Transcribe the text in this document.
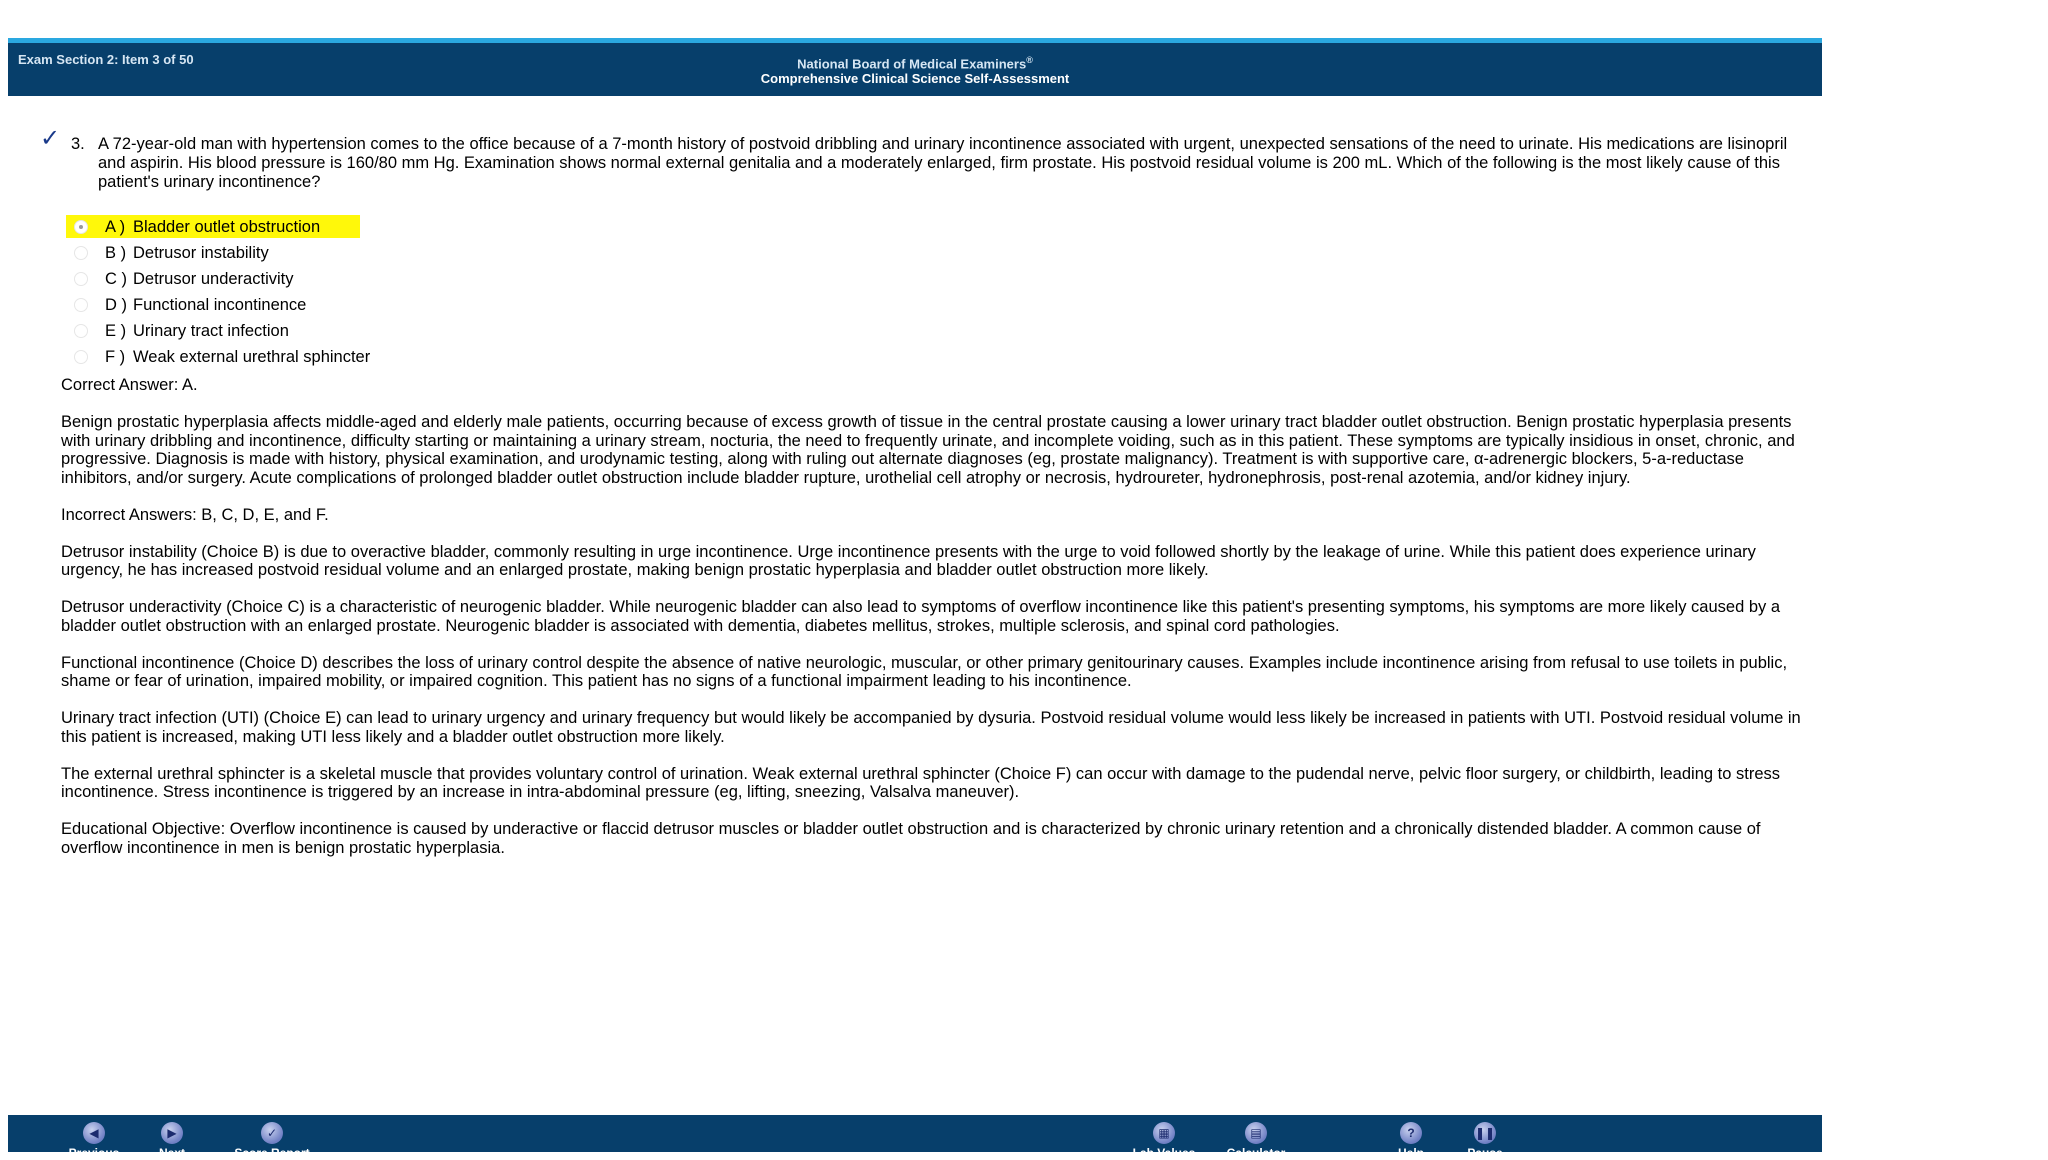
Exam Section 2: Item 3 of 50	National Board of Medical Examiners®
Comprehensive Clinical Science Self-Assessment
✓ 3. A 72-year-old man with hypertension comes to the office because of a 7-month history of postvoid dribbling and urinary incontinence associated with urgent, unexpected sensations of the need to urinate. His medications are lisinopril and aspirin. His blood pressure is 160/80 mm Hg. Examination shows normal external genitalia and a moderately enlarged, firm prostate. His postvoid residual volume is 200 mL. Which of the following is the most likely cause of this patient's urinary incontinence?
A ) Bladder outlet obstruction
B ) Detrusor instability
C ) Detrusor underactivity
D ) Functional incontinence
E ) Urinary tract infection
F ) Weak external urethral sphincter

Correct Answer: A.

Benign prostatic hyperplasia affects middle-aged and elderly male patients, occurring because of excess growth of tissue in the central prostate causing a lower urinary tract bladder outlet obstruction. Benign prostatic hyperplasia presents with urinary dribbling and incontinence, difficulty starting or maintaining a urinary stream, nocturia, the need to frequently urinate, and incomplete voiding, such as in this patient. These symptoms are typically insidious in onset, chronic, and progressive. Diagnosis is made with history, physical examination, and urodynamic testing, along with ruling out alternate diagnoses (eg, prostate malignancy). Treatment is with supportive care, α-adrenergic blockers, 5-a-reductase inhibitors, and/or surgery. Acute complications of prolonged bladder outlet obstruction include bladder rupture, urothelial cell atrophy or necrosis, hydroureter, hydronephrosis, post-renal azotemia, and/or kidney injury.

Incorrect Answers: B, C, D, E, and F.

Detrusor instability (Choice B) is due to overactive bladder, commonly resulting in urge incontinence. Urge incontinence presents with the urge to void followed shortly by the leakage of urine. While this patient does experience urinary urgency, he has increased postvoid residual volume and an enlarged prostate, making benign prostatic hyperplasia and bladder outlet obstruction more likely.

Detrusor underactivity (Choice C) is a characteristic of neurogenic bladder. While neurogenic bladder can also lead to symptoms of overflow incontinence like this patient's presenting symptoms, his symptoms are more likely caused by a bladder outlet obstruction with an enlarged prostate. Neurogenic bladder is associated with dementia, diabetes mellitus, strokes, multiple sclerosis, and spinal cord pathologies.

Functional incontinence (Choice D) describes the loss of urinary control despite the absence of native neurologic, muscular, or other primary genitourinary causes. Examples include incontinence arising from refusal to use toilets in public, shame or fear of urination, impaired mobility, or impaired cognition. This patient has no signs of a functional impairment leading to his incontinence.

Urinary tract infection (UTI) (Choice E) can lead to urinary urgency and urinary frequency but would likely be accompanied by dysuria. Postvoid residual volume would less likely be increased in patients with UTI. Postvoid residual volume in this patient is increased, making UTI less likely and a bladder outlet obstruction more likely.

The external urethral sphincter is a skeletal muscle that provides voluntary control of urination. Weak external urethral sphincter (Choice F) can occur with damage to the pudendal nerve, pelvic floor surgery, or childbirth, leading to stress incontinence. Stress incontinence is triggered by an increase in intra-abdominal pressure (eg, lifting, sneezing, Valsalva maneuver).

Educational Objective: Overflow incontinence is caused by underactive or flaccid detrusor muscles or bladder outlet obstruction and is characterized by chronic urinary retention and a chronically distended bladder. A common cause of overflow incontinence in men is benign prostatic hyperplasia.

◀
Previous
▶
Next
✓
Score Report
▦
Lab Values
▤
Calculator
?
Help
❚❚
Pause
